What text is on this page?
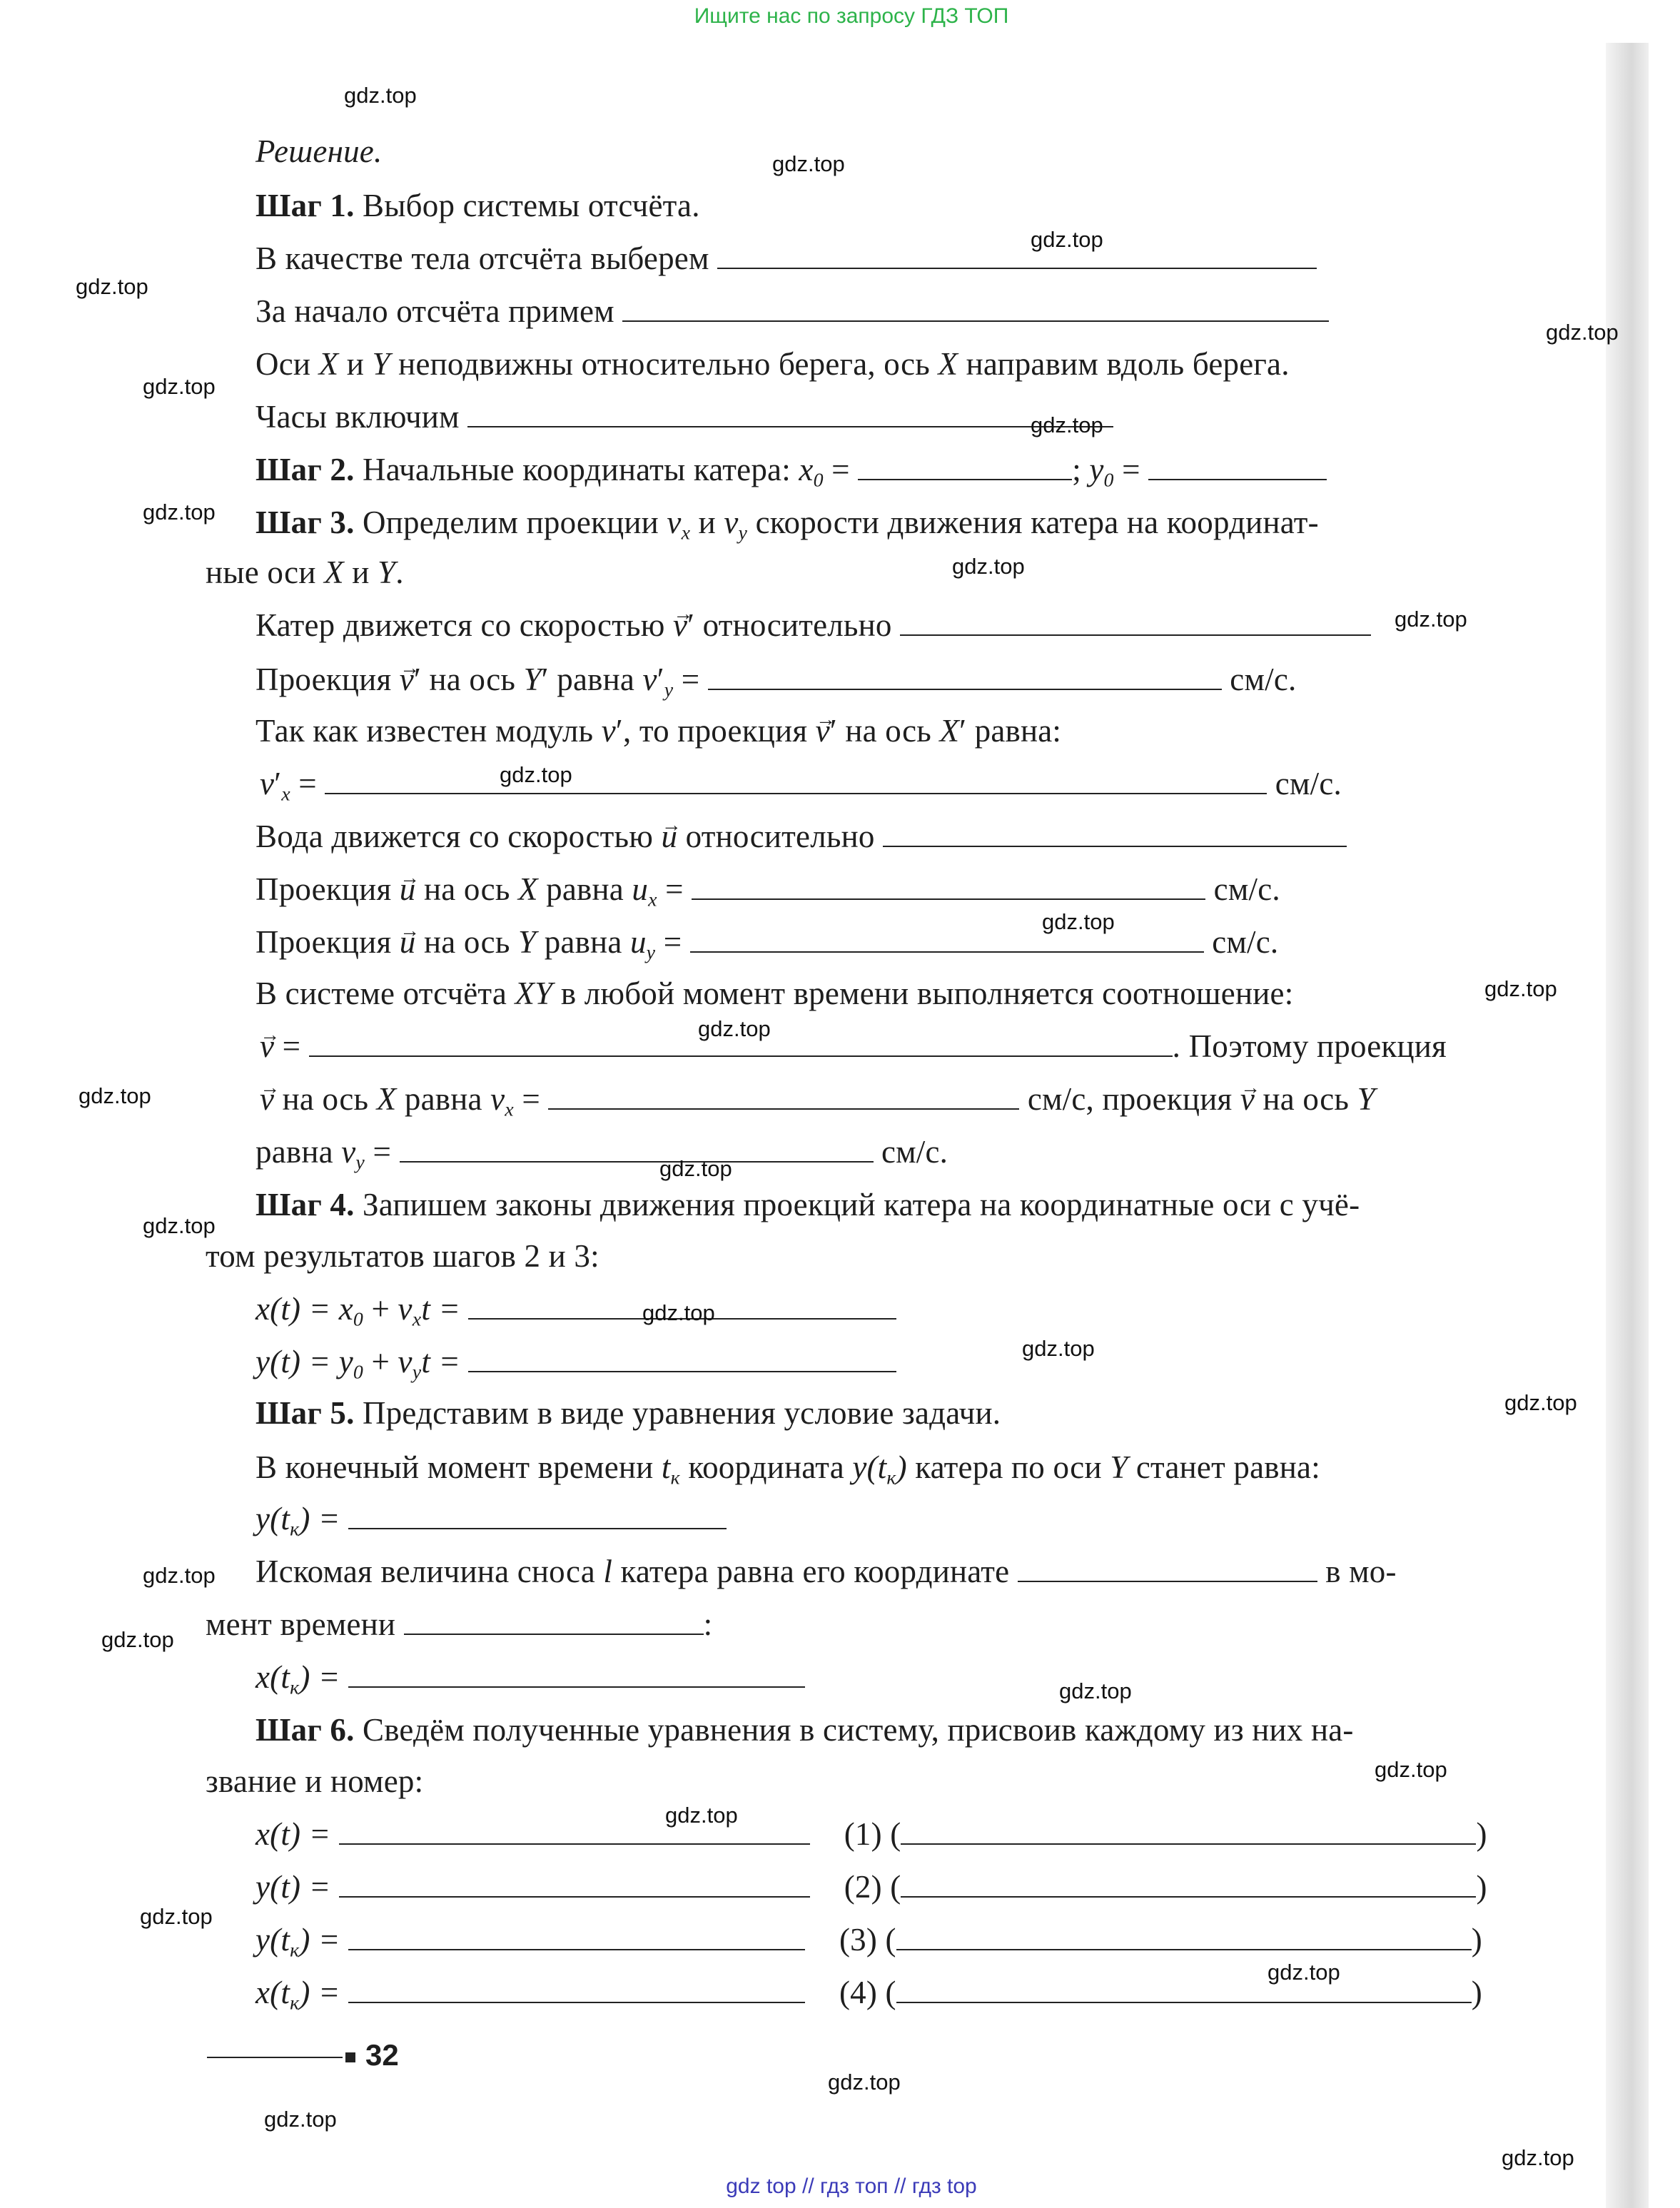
Ищите нас по запросу ГДЗ ТОП
Решение.
Шаг 1. Выбор системы отсчёта.
В качестве тела отсчёта выберем
За начало отсчёта примем
Оси X и Y неподвижны относительно берега, ось X направим вдоль берега.
Часы включим
Шаг 2. Начальные координаты катера: x0 =	; y0 =
Шаг 3. Определим проекции vx и vy скорости движения катера на координат-
ные оси X и Y.
Катер движется со скоростью v →′ относительно
Проекция v →′ на ось Y′ равна v′y =	см/с.
Так как известен модуль v′, то проекция v →′ на ось X′ равна:
v′x =	см/с.
Вода движется со скоростью u → относительно
Проекция u → на ось X равна ux =	см/с.
Проекция u → на ось Y равна uy =	см/с.
В системе отсчёта XY в любой момент времени выполняется соотношение:
v → =	. Поэтому проекция
v → на ось X равна vx =	см/с, проекция v → на ось Y
равна vy =	см/с.
Шаг 4. Запишем законы движения проекций катера на координатные оси с учё-
том результатов шагов 2 и 3:
x(t) = x0 + vxt =
y(t) = y0 + vyt =
Шаг 5. Представим в виде уравнения условие задачи.
В конечный момент времени tк координата y(tк) катера по оси Y станет равна:
y(tк) =
Искомая величина сноса l катера равна его координате	в мо-
мент времени	:
x(tк) =
Шаг 6. Сведём полученные уравнения в систему, присвоив каждому из них на-
звание и номер:
x(t) =	(1) (	)
y(t) =	(2) (	)
y(tк) =	(3) (	)
x(tк) =	(4) (	)
32
gdz top // гдз топ // гдз top
gdz.top
gdz.top
gdz.top
gdz.top
gdz.top
gdz.top
gdz.top
gdz.top
gdz.top
gdz.top
gdz.top
gdz.top
gdz.top
gdz.top
gdz.top
gdz.top
gdz.top
gdz.top
gdz.top
gdz.top
gdz.top
gdz.top
gdz.top
gdz.top
gdz.top
gdz.top
gdz.top
gdz.top
gdz.top
gdz.top
